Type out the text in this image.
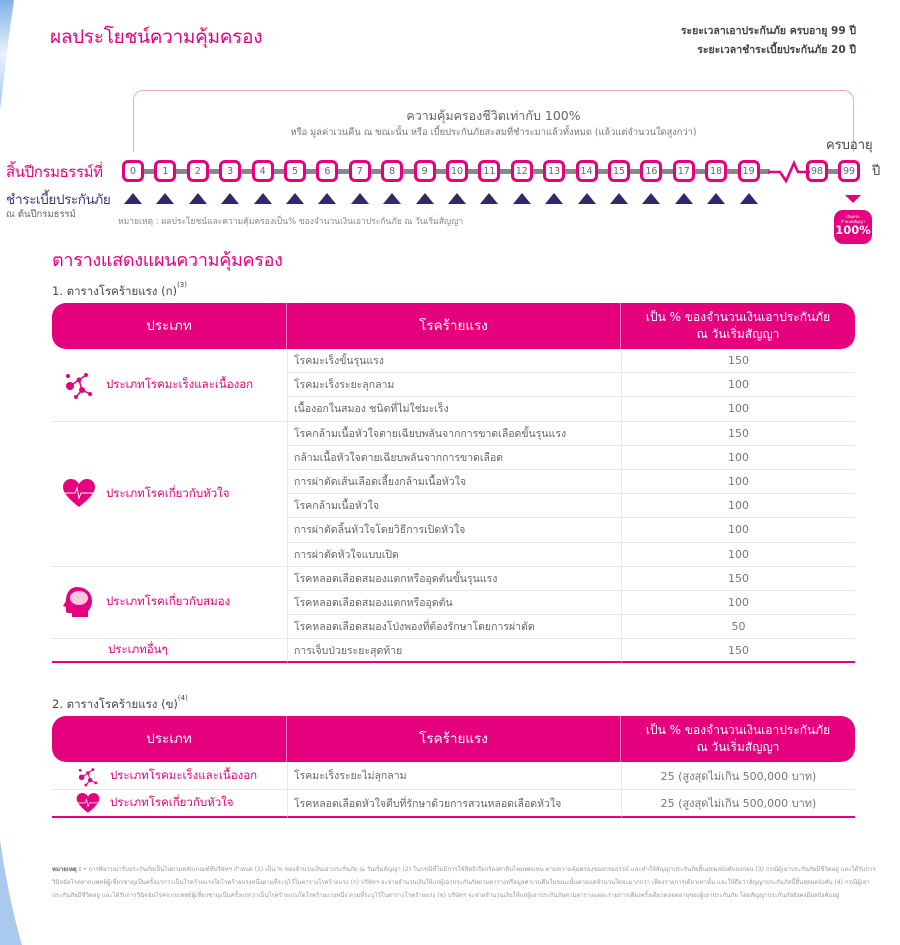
ผลประโยชน์ความคุ้มครอง	ระยะเวลาเอาประกันภัย ครบอายุ 99 ปี
ระยะเวลาชำระเบี้ยประกันภัย 20 ปี
ความคุ้มครองชีวิตเท่ากับ 100%
หรือ มูลค่าเวนคืน ณ ขณะนั้น หรือ เบี้ยประกันภัยสะสมที่ชำระมาแล้วทั้งหมด (แล้วแต่จำนวนใดสูงกว่า)
ครบอายุ
สิ้นปีกรมธรรม์ที่
ชำระเบี้ยประกันภัย
ณ ต้นปีกรมธรรม์
ปี
0	1	2	3	4	5	6	7	8	9	10	11	12	13	14	15	16	17	18	19	98	99
เงินครบ
กำหนดสัญญา
100%
หมายเหตุ : ผลประโยชน์และความคุ้มครองเป็น% ของจำนวนเงินเอาประกันภัย ณ วันเริ่มสัญญา
ตารางแสดงแผนความคุ้มครอง
1. ตารางโรคร้ายแรง (ก)$^{(3)}$
ประเภท	โรคร้ายแรง	เป็น % ของจำนวนเงินเอาประกันภัย
ณ วันเริ่มสัญญา

ประเภทโรคมะเร็งและเนื้องอก	โรคมะเร็งขั้นรุนแรง	150
	โรคมะเร็งระยะลุกลาม	100
	เนื้องอกในสมอง ชนิดที่ไม่ใช่มะเร็ง	100

ประเภทโรคเกี่ยวกับหัวใจ	โรคกล้ามเนื้อหัวใจตายเฉียบพลันจากการขาดเลือดขั้นรุนแรง	150
	กล้ามเนื้อหัวใจตายเฉียบพลันจากการขาดเลือด	100
	การผ่าตัดเส้นเลือดเลี้ยงกล้ามเนื้อหัวใจ	100
	โรคกล้ามเนื้อหัวใจ	100
	การผ่าตัดลิ้นหัวใจโดยวิธีการเปิดหัวใจ	100
	การผ่าตัดหัวใจแบบเปิด	100

ประเภทโรคเกี่ยวกับสมอง	โรคหลอดเลือดสมองแตกหรืออุดตันขั้นรุนแรง	150
	โรคหลอดเลือดสมองแตกหรืออุดตัน	100
	โรคหลอดเลือดสมองโป่งพองที่ต้องรักษาโดยการผ่าตัด	50

ประเภทอื่นๆ	การเจ็บป่วยระยะสุดท้าย	150
2. ตารางโรคร้ายแรง (ข)$^{(4)}$
ประเภท	โรคร้ายแรง	เป็น % ของจำนวนเงินเอาประกันภัย
ณ วันเริ่มสัญญา

ประเภทโรคมะเร็งและเนื้องอก	โรคมะเร็งระยะไม่ลุกลาม	25 (สูงสุดไม่เกิน 500,000 บาท)

ประเภทโรคเกี่ยวกับหัวใจ	โรคหลอดเลือดหัวใจตีบที่รักษาด้วยการสวนหลอดเลือดหัวใจ	25 (สูงสุดไม่เกิน 500,000 บาท)
หมายเหตุ : • การพิจารณารับประกันภัยเป็นไปตามหลักเกณฑ์ที่บริษัทฯ กำหนด (1) เป็น % ของจำนวนเงินเอาประกันภัย ณ วันเริ่มสัญญา (2) ในกรณีที่ไม่มีการใช้สิทธิเรียกร้องค่าสินไหมทดแทน ตามความคุ้มครองของกรมธรรม์ และทำให้สัญญาประกันภัยสิ้นสุดผลบังคับลงก่อน (3) กรณีผู้เอาประกันภัยมีชีวิตอยู่ และได้รับการวินิจฉัยโรคจากแพทย์ผู้เชี่ยวชาญเป็นครั้งแรกว่าเป็นโรคร้ายแรงใดโรคร้ายแรงหนึ่งตามที่ระบุไว้ในตารางโรคร้ายแรง (ก) บริษัทฯ จะจ่ายจำนวนเงินให้แก่ผู้เอาประกันภัยตามตารางหรือมูลค่าเวนคืนในขณะนั้นตามแต่จำนวนใดจะมากกว่า เพียงรายการเดียวเท่านั้น และให้ถือว่าสัญญาประกันภัยนี้สิ้นสุดผลบังคับ (4) กรณีผู้เอาประกันภัยมีชีวิตอยู่ และได้รับการวินิจฉัยโรคจากแพทย์ผู้เชี่ยวชาญเป็นครั้งแรกว่าเป็นโรคร้ายแรงใดโรคร้ายแรงหนึ่ง ตามที่ระบุไว้ในตารางโรคร้ายแรง (ข) บริษัทฯ จะจ่ายจำนวนเงินให้แก่ผู้เอาประกันภัยตามตารางแต่ละรายการเพียงครั้งเดียวตลอดอายุของผู้เอาประกันภัย โดยสัญญาประกันภัยยังคงมีผลบังคับอยู่
